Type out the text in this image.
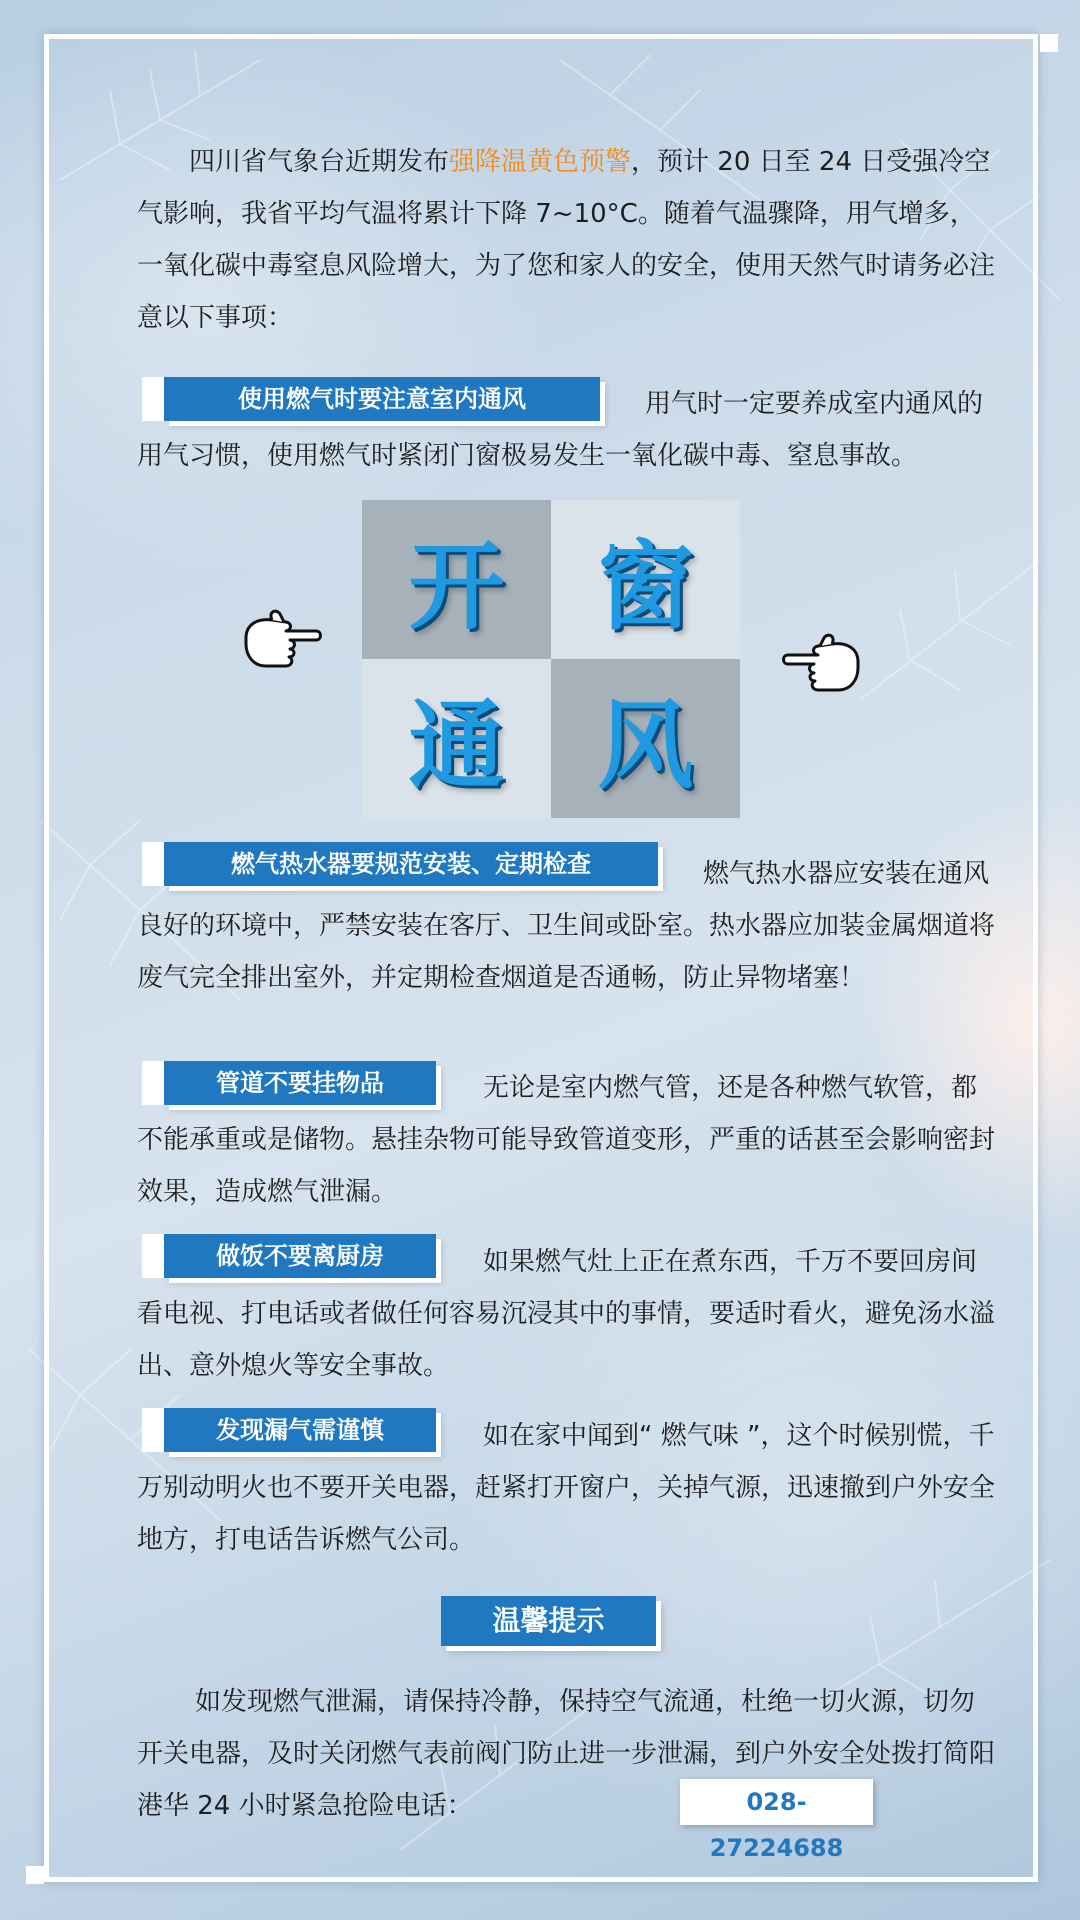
四川省气象台近期发布强降温黄色预警，预计 20 日至 24 日受强冷空气影响，我省平均气温将累计下降 7~10°C。随着气温骤降，用气增多，一氧化碳中毒窒息风险增大，为了您和家人的安全，使用天然气时请务必注意以下事项：

使用燃气时要注意室内通风	用气时一定要养成室内通风的用气习惯，使用燃气时紧闭门窗极易发生一氧化碳中毒、窒息事故。

开 窗
通 风
燃气热水器要规范安装、定期检查	燃气热水器应安装在通风良好的环境中，严禁安装在客厅、卫生间或卧室。热水器应加装金属烟道将废气完全排出室外，并定期检查烟道是否通畅，防止异物堵塞！

管道不要挂物品	无论是室内燃气管，还是各种燃气软管，都不能承重或是储物。悬挂杂物可能导致管道变形，严重的话甚至会影响密封效果，造成燃气泄漏。

做饭不要离厨房	如果燃气灶上正在煮东西，千万不要回房间看电视、打电话或者做任何容易沉浸其中的事情，要适时看火，避免汤水溢出、意外熄火等安全事故。

发现漏气需谨慎	如在家中闻到“ 燃气味 ”，这个时候别慌，千万别动明火也不要开关电器，赶紧打开窗户，关掉气源，迅速撤到户外安全地方，打电话告诉燃气公司。

温馨提示

如发现燃气泄漏，请保持冷静，保持空气流通，杜绝一切火源，切勿开关电器，及时关闭燃气表前阀门防止进一步泄漏，到户外安全处拨打简阳港华 24 小时紧急抢险电话：	028-27224688
